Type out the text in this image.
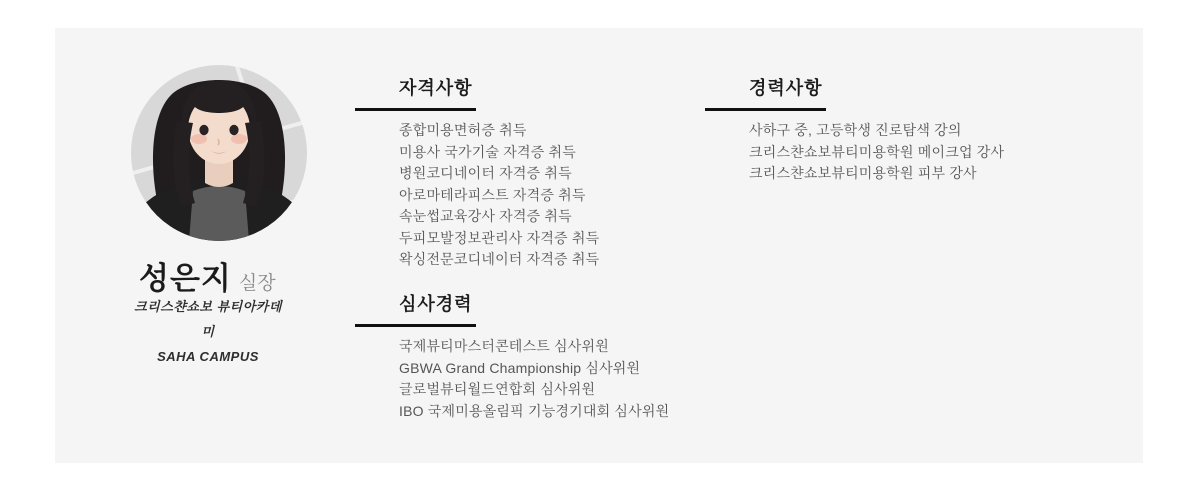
성은지 실장
크리스챤쇼보 뷰티아카데미
SAHA CAMPUS
자격사항
종합미용면허증 취득
미용사 국가기술 자격증 취득
병원코디네이터 자격증 취득
아로마테라피스트 자격증 취득
속눈썹교육강사 자격증 취득
두피모발정보관리사 자격증 취득
왁싱전문코디네이터 자격증 취득
경력사항
사하구 중, 고등학생 진로탐색 강의
크리스챤쇼보뷰티미용학원 메이크업 강사
크리스챤쇼보뷰티미용학원 피부 강사
심사경력
국제뷰티마스터콘테스트 심사위원
GBWA Grand Championship 심사위원
글로벌뷰티월드연합회 심사위원
IBO 국제미용올림픽 기능경기대회 심사위원
